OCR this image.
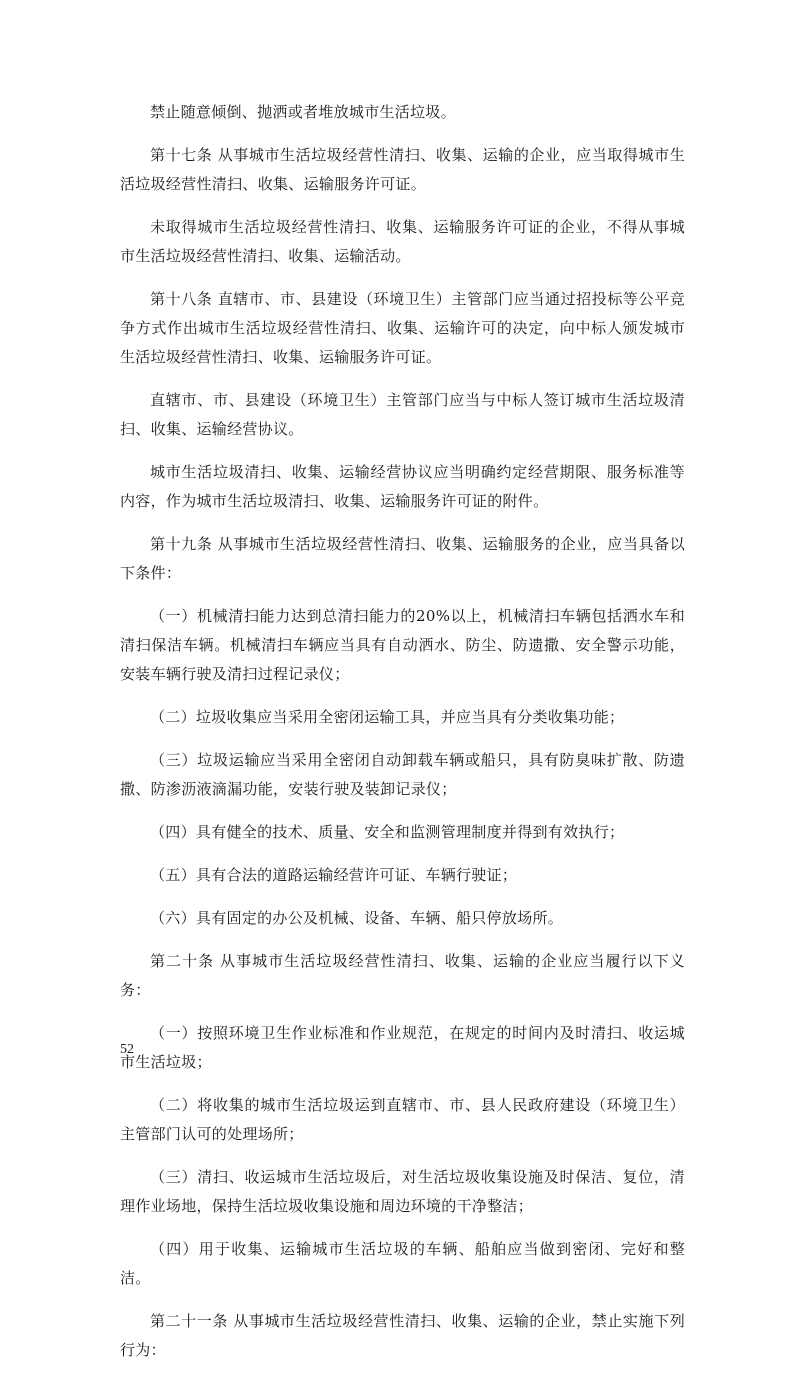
禁止随意倾倒、抛洒或者堆放城市生活垃圾。

第十七条 从事城市生活垃圾经营性清扫、收集、运输的企业，应当取得城市生活垃圾经营性清扫、收集、运输服务许可证。

未取得城市生活垃圾经营性清扫、收集、运输服务许可证的企业，不得从事城市生活垃圾经营性清扫、收集、运输活动。

第十八条 直辖市、市、县建设（环境卫生）主管部门应当通过招投标等公平竞争方式作出城市生活垃圾经营性清扫、收集、运输许可的决定，向中标人颁发城市生活垃圾经营性清扫、收集、运输服务许可证。

直辖市、市、县建设（环境卫生）主管部门应当与中标人签订城市生活垃圾清扫、收集、运输经营协议。

城市生活垃圾清扫、收集、运输经营协议应当明确约定经营期限、服务标准等内容，作为城市生活垃圾清扫、收集、运输服务许可证的附件。

第十九条 从事城市生活垃圾经营性清扫、收集、运输服务的企业，应当具备以下条件：

（一）机械清扫能力达到总清扫能力的20%以上，机械清扫车辆包括洒水车和清扫保洁车辆。机械清扫车辆应当具有自动洒水、防尘、防遗撒、安全警示功能，安装车辆行驶及清扫过程记录仪；

（二）垃圾收集应当采用全密闭运输工具，并应当具有分类收集功能；

（三）垃圾运输应当采用全密闭自动卸载车辆或船只，具有防臭味扩散、防遗撒、防渗沥液滴漏功能，安装行驶及装卸记录仪；

（四）具有健全的技术、质量、安全和监测管理制度并得到有效执行；

（五）具有合法的道路运输经营许可证、车辆行驶证；

（六）具有固定的办公及机械、设备、车辆、船只停放场所。

第二十条 从事城市生活垃圾经营性清扫、收集、运输的企业应当履行以下义务：

（一）按照环境卫生作业标准和作业规范，在规定的时间内及时清扫、收运城市生活垃圾；

（二）将收集的城市生活垃圾运到直辖市、市、县人民政府建设（环境卫生）主管部门认可的处理场所；

（三）清扫、收运城市生活垃圾后，对生活垃圾收集设施及时保洁、复位，清理作业场地，保持生活垃圾收集设施和周边环境的干净整洁；

（四）用于收集、运输城市生活垃圾的车辆、船舶应当做到密闭、完好和整洁。

第二十一条 从事城市生活垃圾经营性清扫、收集、运输的企业，禁止实施下列行为：

52
